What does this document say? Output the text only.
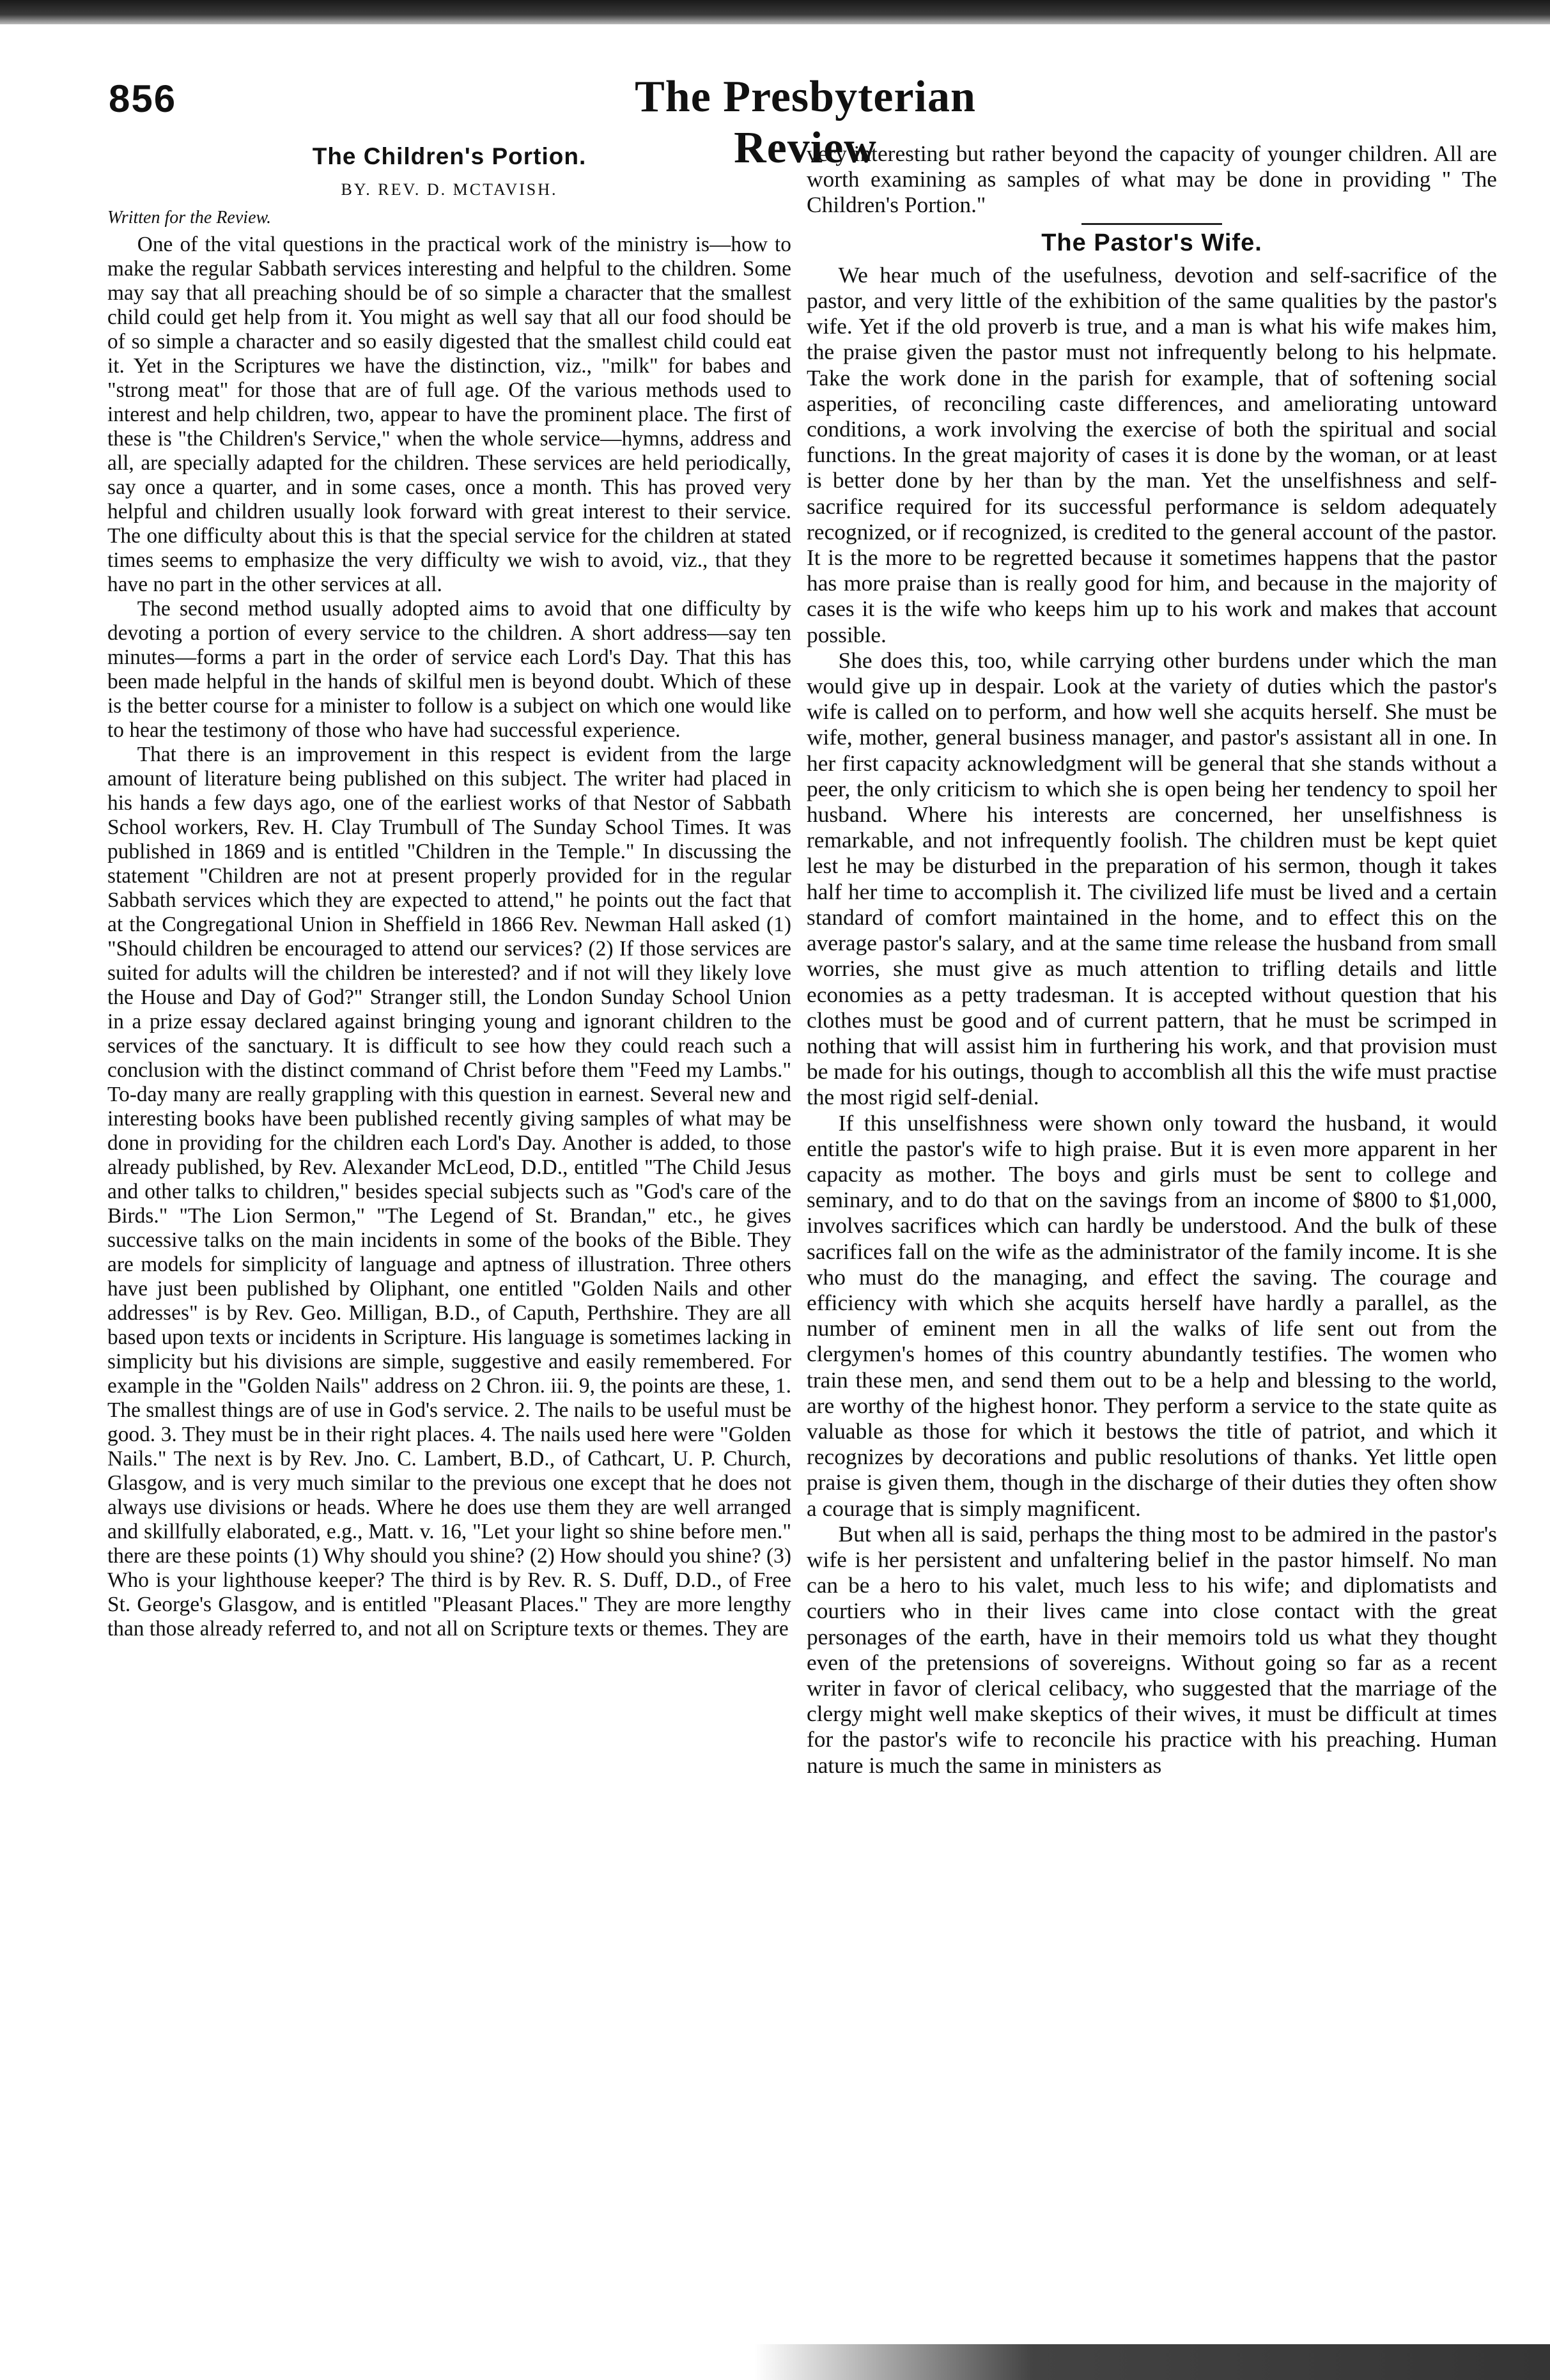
856	The Presbyterian Review
The Children's Portion.
BY. REV. D. MCTAVISH.
Written for the Review.

One of the vital questions in the practical work of the ministry is—how to make the regular Sabbath services interesting and helpful to the children. Some may say that all preaching should be of so simple a character that the smallest child could get help from it. You might as well say that all our food should be of so simple a character and so easily digested that the smallest child could eat it. Yet in the Scriptures we have the distinction, viz., "milk" for babes and "strong meat" for those that are of full age. Of the various methods used to interest and help children, two, appear to have the prominent place. The first of these is "the Children's Service," when the whole service—hymns, address and all, are specially adapted for the children. These services are held periodically, say once a quarter, and in some cases, once a month. This has proved very helpful and children usually look forward with great interest to their service. The one difficulty about this is that the special service for the children at stated times seems to emphasize the very difficulty we wish to avoid, viz., that they have no part in the other services at all.

The second method usually adopted aims to avoid that one difficulty by devoting a portion of every service to the children. A short address—say ten minutes—forms a part in the order of service each Lord's Day. That this has been made helpful in the hands of skilful men is beyond doubt. Which of these is the better course for a minister to follow is a subject on which one would like to hear the testimony of those who have had successful experience.

That there is an improvement in this respect is evident from the large amount of literature being published on this subject. The writer had placed in his hands a few days ago, one of the earliest works of that Nestor of Sabbath School workers, Rev. H. Clay Trumbull of The Sunday School Times. It was published in 1869 and is entitled "Children in the Temple." In discussing the statement "Children are not at present properly provided for in the regular Sabbath services which they are expected to attend," he points out the fact that at the Congregational Union in Sheffield in 1866 Rev. Newman Hall asked (1) "Should children be encouraged to attend our services? (2) If those services are suited for adults will the children be interested? and if not will they likely love the House and Day of God?" Stranger still, the London Sunday School Union in a prize essay declared against bringing young and ignorant children to the services of the sanctuary. It is difficult to see how they could reach such a conclusion with the distinct command of Christ before them "Feed my Lambs." To-day many are really grappling with this question in earnest. Several new and interesting books have been published recently giving samples of what may be done in providing for the children each Lord's Day. Another is added, to those already published, by Rev. Alexander McLeod, D.D., entitled "The Child Jesus and other talks to children," besides special subjects such as "God's care of the Birds." "The Lion Sermon," "The Legend of St. Brandan," etc., he gives successive talks on the main incidents in some of the books of the Bible. They are models for simplicity of language and aptness of illustration. Three others have just been published by Oliphant, one entitled "Golden Nails and other addresses" is by Rev. Geo. Milligan, B.D., of Caputh, Perthshire. They are all based upon texts or incidents in Scripture. His language is sometimes lacking in simplicity but his divisions are simple, suggestive and easily remembered. For example in the "Golden Nails" address on 2 Chron. iii. 9, the points are these, 1. The smallest things are of use in God's service. 2. The nails to be useful must be good. 3. They must be in their right places. 4. The nails used here were "Golden Nails." The next is by Rev. Jno. C. Lambert, B.D., of Cathcart, U. P. Church, Glasgow, and is very much similar to the previous one except that he does not always use divisions or heads. Where he does use them they are well arranged and skillfully elaborated, e.g., Matt. v. 16, "Let your light so shine before men." there are these points (1) Why should you shine? (2) How should you shine? (3) Who is your lighthouse keeper? The third is by Rev. R. S. Duff, D.D., of Free St. George's Glasgow, and is entitled "Pleasant Places." They are more lengthy than those already referred to, and not all on Scripture texts or themes. They are

very interesting but rather beyond the capacity of younger children. All are worth examining as samples of what may be done in providing " The Children's Portion."

The Pastor's Wife.

We hear much of the usefulness, devotion and self-sacrifice of the pastor, and very little of the exhibition of the same qualities by the pastor's wife. Yet if the old proverb is true, and a man is what his wife makes him, the praise given the pastor must not infrequently belong to his helpmate. Take the work done in the parish for example, that of softening social asperities, of reconciling caste differences, and ameliorating untoward conditions, a work involving the exercise of both the spiritual and social functions. In the great majority of cases it is done by the woman, or at least is better done by her than by the man. Yet the unselfishness and self-sacrifice required for its successful performance is seldom adequately recognized, or if recognized, is credited to the general account of the pastor. It is the more to be regretted because it sometimes happens that the pastor has more praise than is really good for him, and because in the majority of cases it is the wife who keeps him up to his work and makes that account possible.

She does this, too, while carrying other burdens under which the man would give up in despair. Look at the variety of duties which the pastor's wife is called on to perform, and how well she acquits herself. She must be wife, mother, general business manager, and pastor's assistant all in one. In her first capacity acknowledgment will be general that she stands without a peer, the only criticism to which she is open being her tendency to spoil her husband. Where his interests are concerned, her unselfishness is remarkable, and not infrequently foolish. The children must be kept quiet lest he may be disturbed in the preparation of his sermon, though it takes half her time to accomplish it. The civilized life must be lived and a certain standard of comfort maintained in the home, and to effect this on the average pastor's salary, and at the same time release the husband from small worries, she must give as much attention to trifling details and little economies as a petty tradesman. It is accepted without question that his clothes must be good and of current pattern, that he must be scrimped in nothing that will assist him in furthering his work, and that provision must be made for his outings, though to accomblish all this the wife must practise the most rigid self-denial.

If this unselfishness were shown only toward the husband, it would entitle the pastor's wife to high praise. But it is even more apparent in her capacity as mother. The boys and girls must be sent to college and seminary, and to do that on the savings from an income of $800 to $1,000, involves sacrifices which can hardly be understood. And the bulk of these sacrifices fall on the wife as the administrator of the family income. It is she who must do the managing, and effect the saving. The courage and efficiency with which she acquits herself have hardly a parallel, as the number of eminent men in all the walks of life sent out from the clergymen's homes of this country abundantly testifies. The women who train these men, and send them out to be a help and blessing to the world, are worthy of the highest honor. They perform a service to the state quite as valuable as those for which it bestows the title of patriot, and which it recognizes by decorations and public resolutions of thanks. Yet little open praise is given them, though in the discharge of their duties they often show a courage that is simply magnificent.

But when all is said, perhaps the thing most to be admired in the pastor's wife is her persistent and unfaltering belief in the pastor himself. No man can be a hero to his valet, much less to his wife; and diplomatists and courtiers who in their lives came into close contact with the great personages of the earth, have in their memoirs told us what they thought even of the pretensions of sovereigns. Without going so far as a recent writer in favor of clerical celibacy, who suggested that the marriage of the clergy might well make skeptics of their wives, it must be difficult at times for the pastor's wife to reconcile his practice with his preaching. Human nature is much the same in ministers as
